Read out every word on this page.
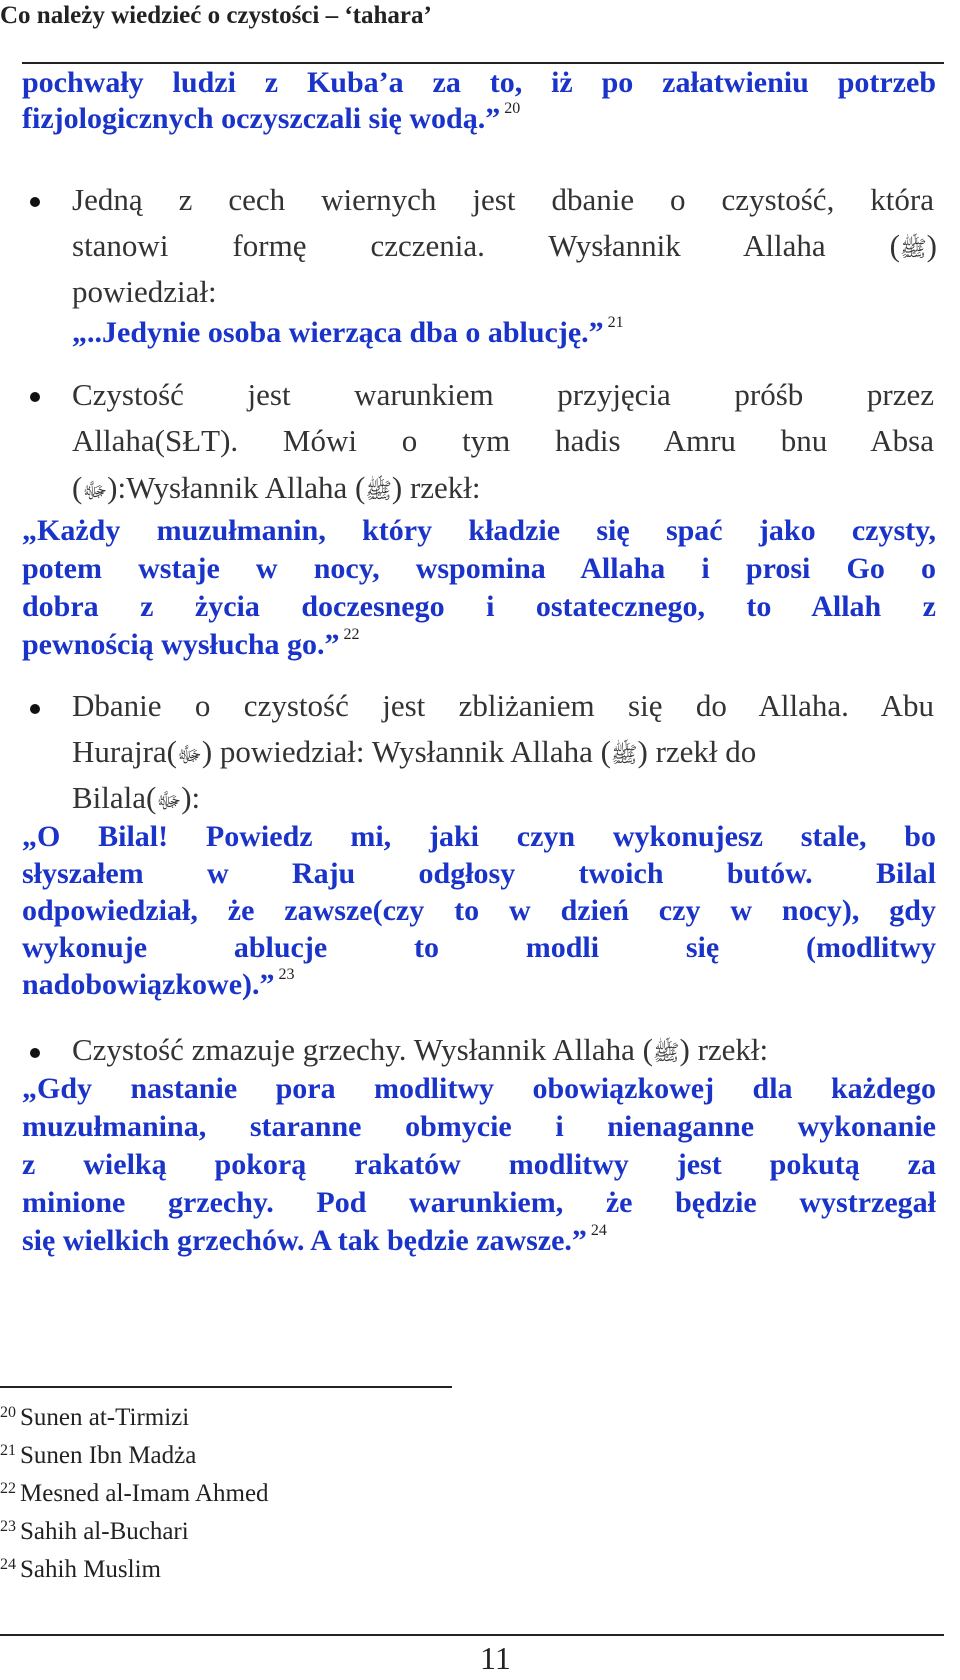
Co należy wiedzieć o czystości – ‘tahara’
pochwały ludzi z Kuba’a za to, iż po załatwieniu potrzeb
fizjologicznych oczyszczali się wodą.” $^{20}$
Jedną z cech wiernych jest dbanie o czystość, która
stanowi formę czczenia. Wysłannik Allaha ( ﷺ)
powiedział:
„..Jedynie osoba wierząca dba o ablucję.” $^{21}$
Czystość jest warunkiem przyjęcia próśb przez
Allaha(SŁT). Mówi o tym hadis Amru bnu Absa
(ﷻ):Wysłannik Allaha (ﷺ) rzekł:
„Każdy muzułmanin, który kładzie się spać jako czysty,
potem wstaje w nocy, wspomina Allaha i prosi Go o
dobra z życia doczesnego i ostatecznego, to Allah z
pewnością wysłucha go.” $^{22}$
Dbanie o czystość jest zbliżaniem się do Allaha. Abu
Hurajra(ﷻ) powiedział: Wysłannik Allaha (ﷺ) rzekł do
Bilala(ﷻ):
„O Bilal! Powiedz mi, jaki czyn wykonujesz stale, bo
słyszałem w Raju odgłosy twoich butów. Bilal
odpowiedział, że zawsze(czy to w dzień czy w nocy), gdy
wykonuje ablucje to modli się (modlitwy
nadobowiązkowe).” $^{23}$
Czystość zmazuje grzechy. Wysłannik Allaha (ﷺ) rzekł:
„Gdy nastanie pora modlitwy obowiązkowej dla każdego
muzułmanina, staranne obmycie i nienaganne wykonanie
z wielką pokorą rakatów modlitwy jest pokutą za
minione grzechy. Pod warunkiem, że będzie wystrzegał
się wielkich grzechów. A tak będzie zawsze.” $^{24}$
$^{20}$ Sunen at-Tirmizi
$^{21}$ Sunen Ibn Madża
$^{22}$ Mesned al-Imam Ahmed
$^{23}$ Sahih al-Buchari
$^{24}$ Sahih Muslim
11
